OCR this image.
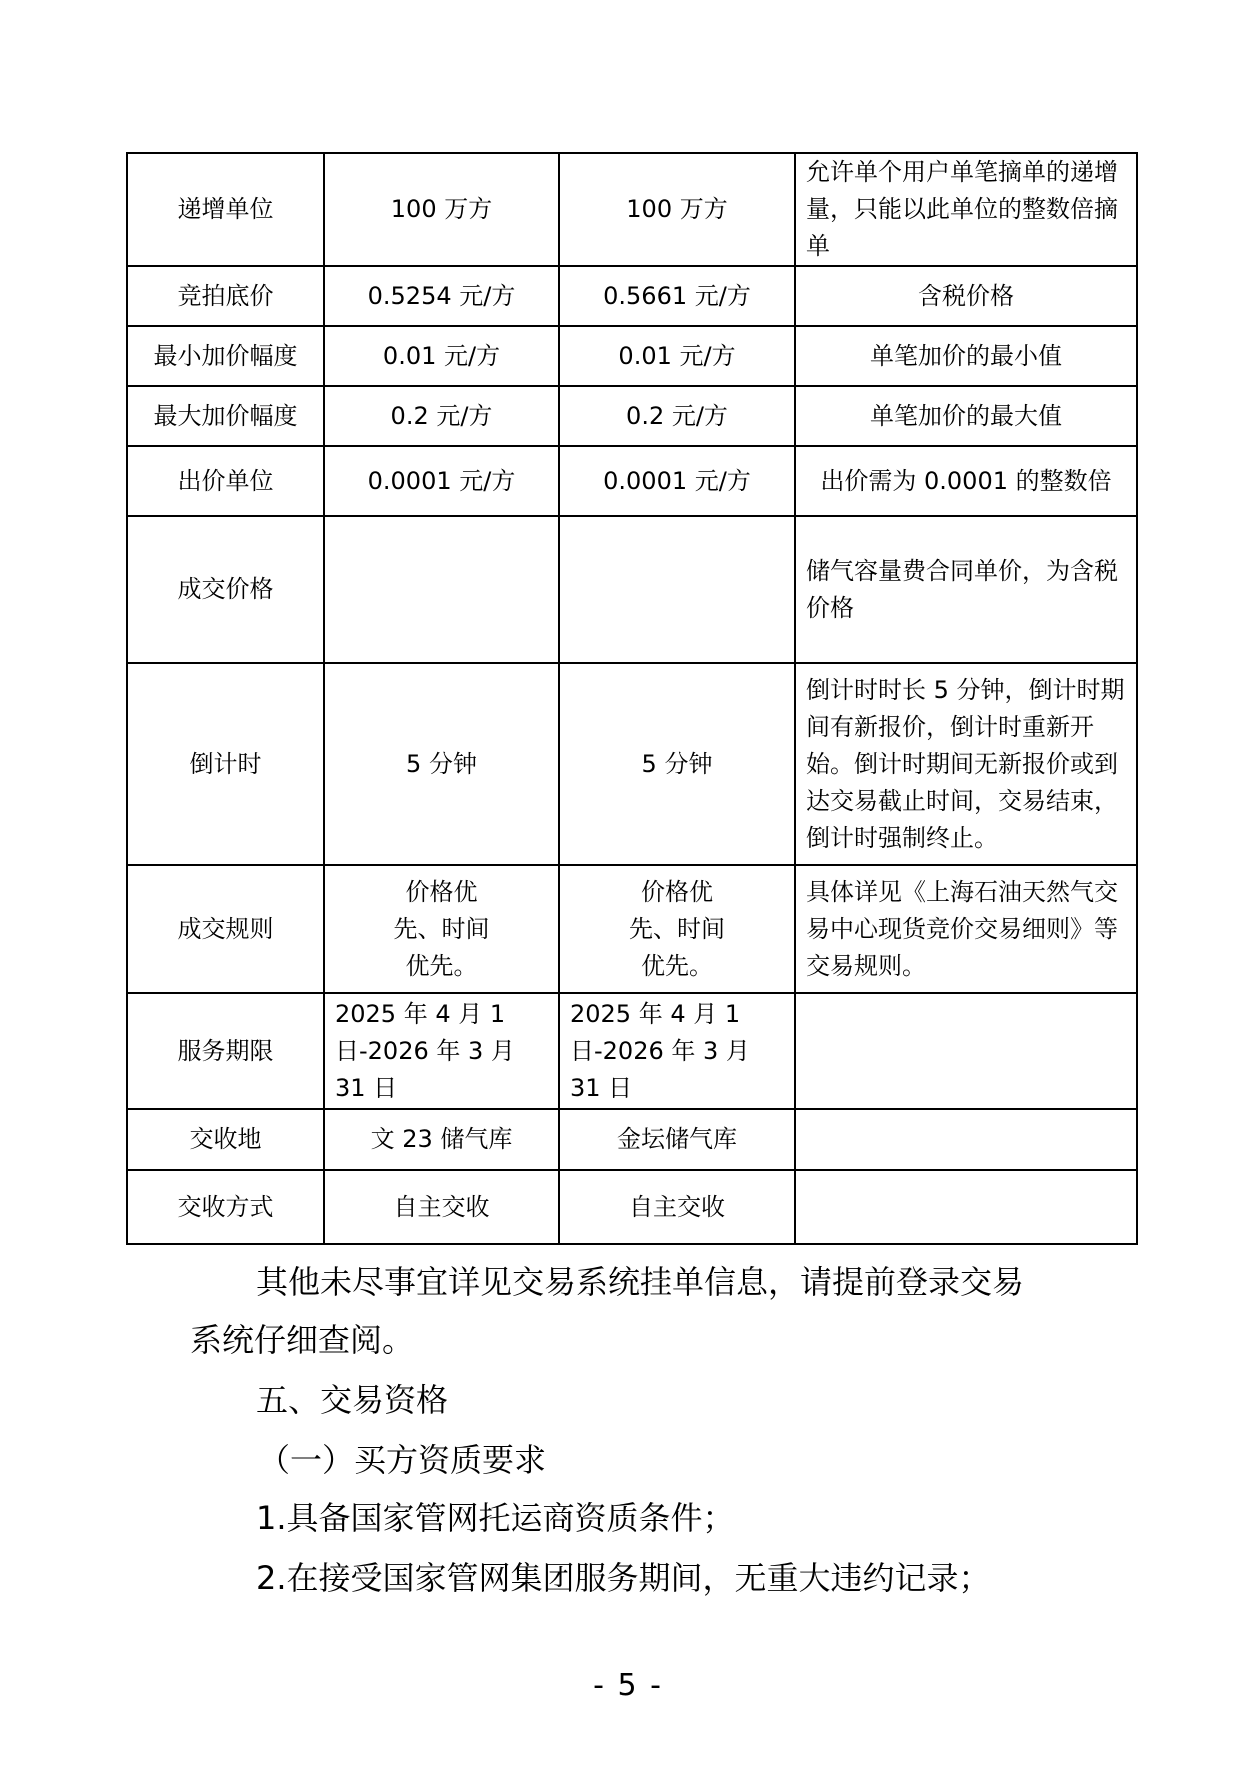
递增单位	100 万方	100 万方	允许单个用户单笔摘单的递增量，只能以此单位的整数倍摘单
竞拍底价	0.5254 元/方	0.5661 元/方	含税价格
最小加价幅度	0.01 元/方	0.01 元/方	单笔加价的最小值
最大加价幅度	0.2 元/方	0.2 元/方	单笔加价的最大值
出价单位	0.0001 元/方	0.0001 元/方	出价需为 0.0001 的整数倍
成交价格			储气容量费合同单价，为含税价格
倒计时	5 分钟	5 分钟	倒计时时长 5 分钟，倒计时期间有新报价，倒计时重新开始。倒计时期间无新报价或到达交易截止时间，交易结束，倒计时强制终止。
成交规则	价格优先、时间优先。	价格优先、时间优先。	具体详见《上海石油天然气交易中心现货竞价交易细则》等交易规则。
服务期限	2025 年 4 月 1 日-2026 年 3 月 31 日	2025 年 4 月 1 日-2026 年 3 月 31 日	
交收地	文 23 储气库	金坛储气库	
交收方式	自主交收	自主交收	
其他未尽事宜详见交易系统挂单信息，请提前登录交易
系统仔细查阅。
五、交易资格
（一）买方资质要求
1.具备国家管网托运商资质条件；
2.在接受国家管网集团服务期间，无重大违约记录；
- 5 -
